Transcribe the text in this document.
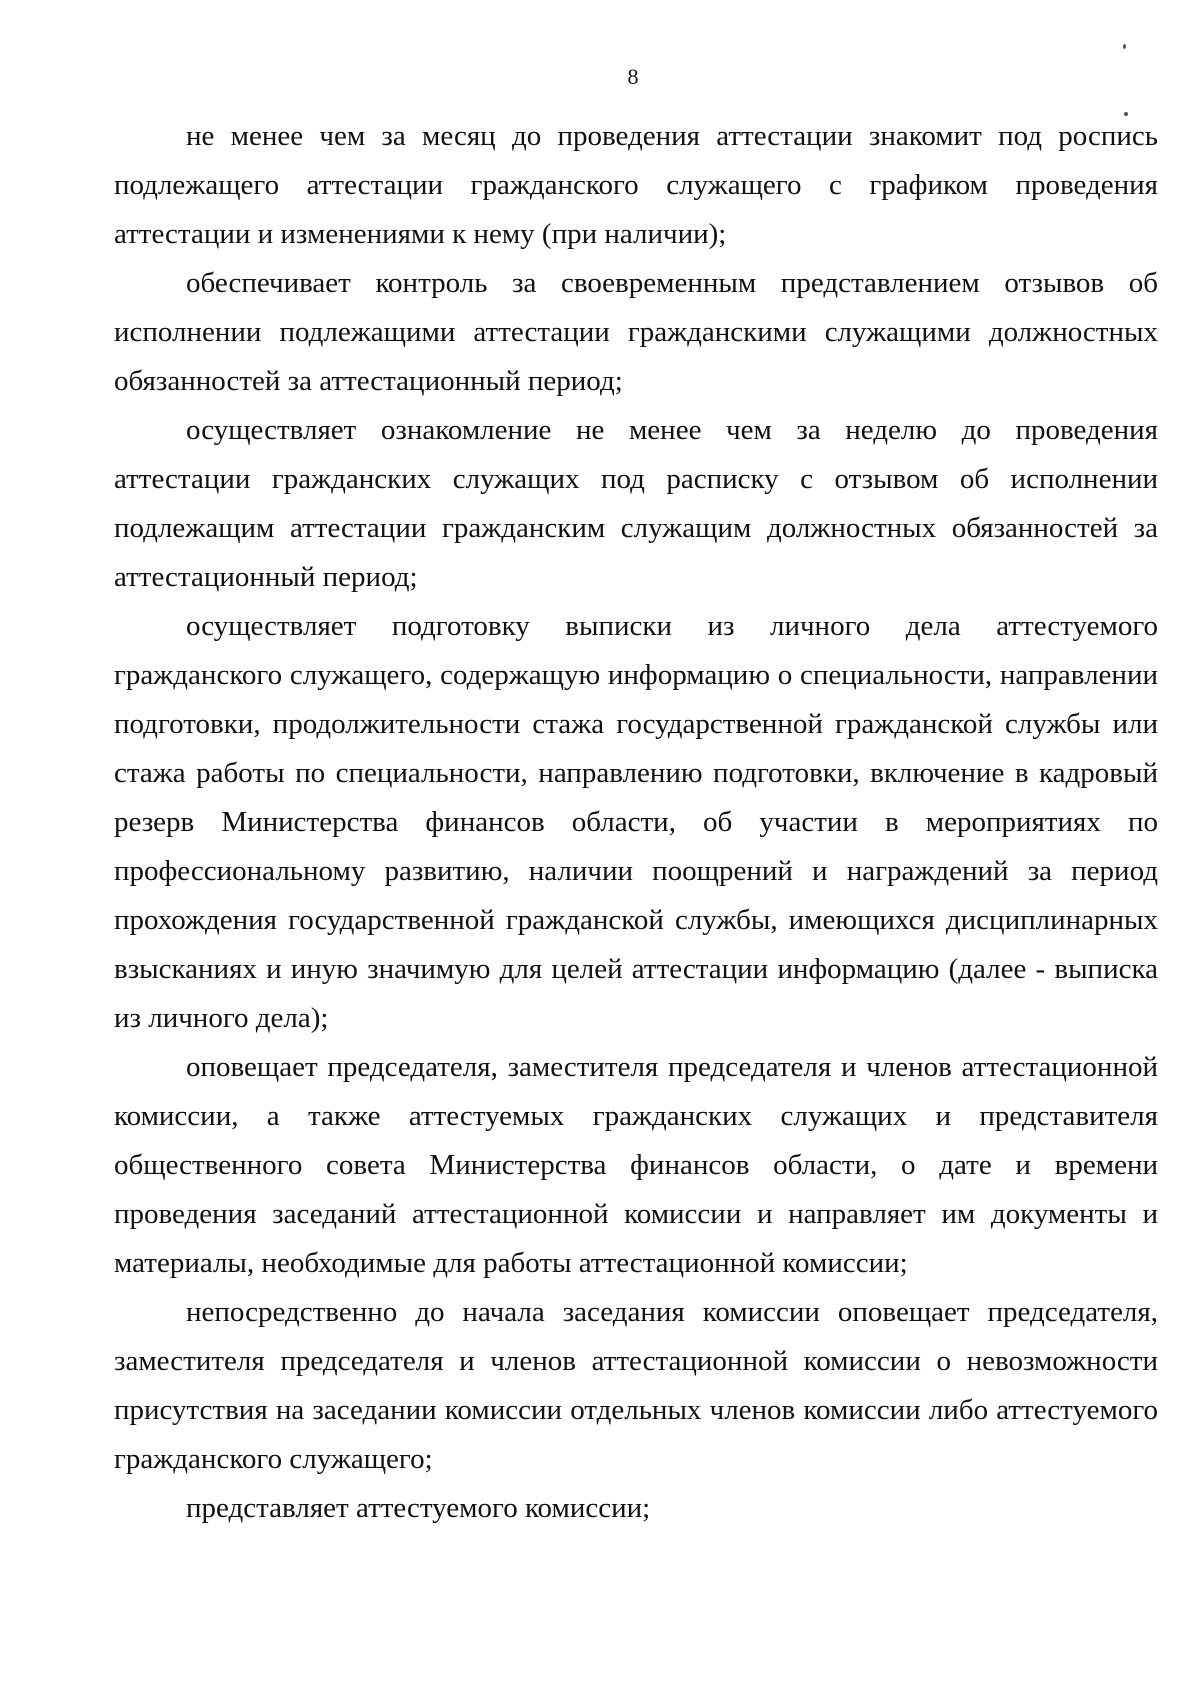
8

не менее чем за месяц до проведения аттестации знакомит под роспись подлежащего аттестации гражданского служащего с графиком проведения аттестации и изменениями к нему (при наличии);

обеспечивает контроль за своевременным представлением отзывов об исполнении подлежащими аттестации гражданскими служащими должностных обязанностей за аттестационный период;

осуществляет ознакомление не менее чем за неделю до проведения аттестации гражданских служащих под расписку с отзывом об исполнении подлежащим аттестации гражданским служащим должностных обязанностей за аттестационный период;

осуществляет подготовку выписки из личного дела аттестуемого гражданского служащего, содержащую информацию о специальности, направлении подготовки, продолжительности стажа государственной гражданской службы или стажа работы по специальности, направлению подготовки, включение в кадровый резерв Министерства финансов области, об участии в мероприятиях по профессиональному развитию, наличии поощрений и награждений за период прохождения государственной гражданской службы, имеющихся дисциплинарных взысканиях и иную значимую для целей аттестации информацию (далее - выписка из личного дела);

оповещает председателя, заместителя председателя и членов аттестационной комиссии, а также аттестуемых гражданских служащих и представителя общественного совета Министерства финансов области, о дате и времени проведения заседаний аттестационной комиссии и направляет им документы и материалы, необходимые для работы аттестационной комиссии;

непосредственно до начала заседания комиссии оповещает председателя, заместителя председателя и членов аттестационной комиссии о невозможности присутствия на заседании комиссии отдельных членов комиссии либо аттестуемого гражданского служащего;

представляет аттестуемого комиссии;
